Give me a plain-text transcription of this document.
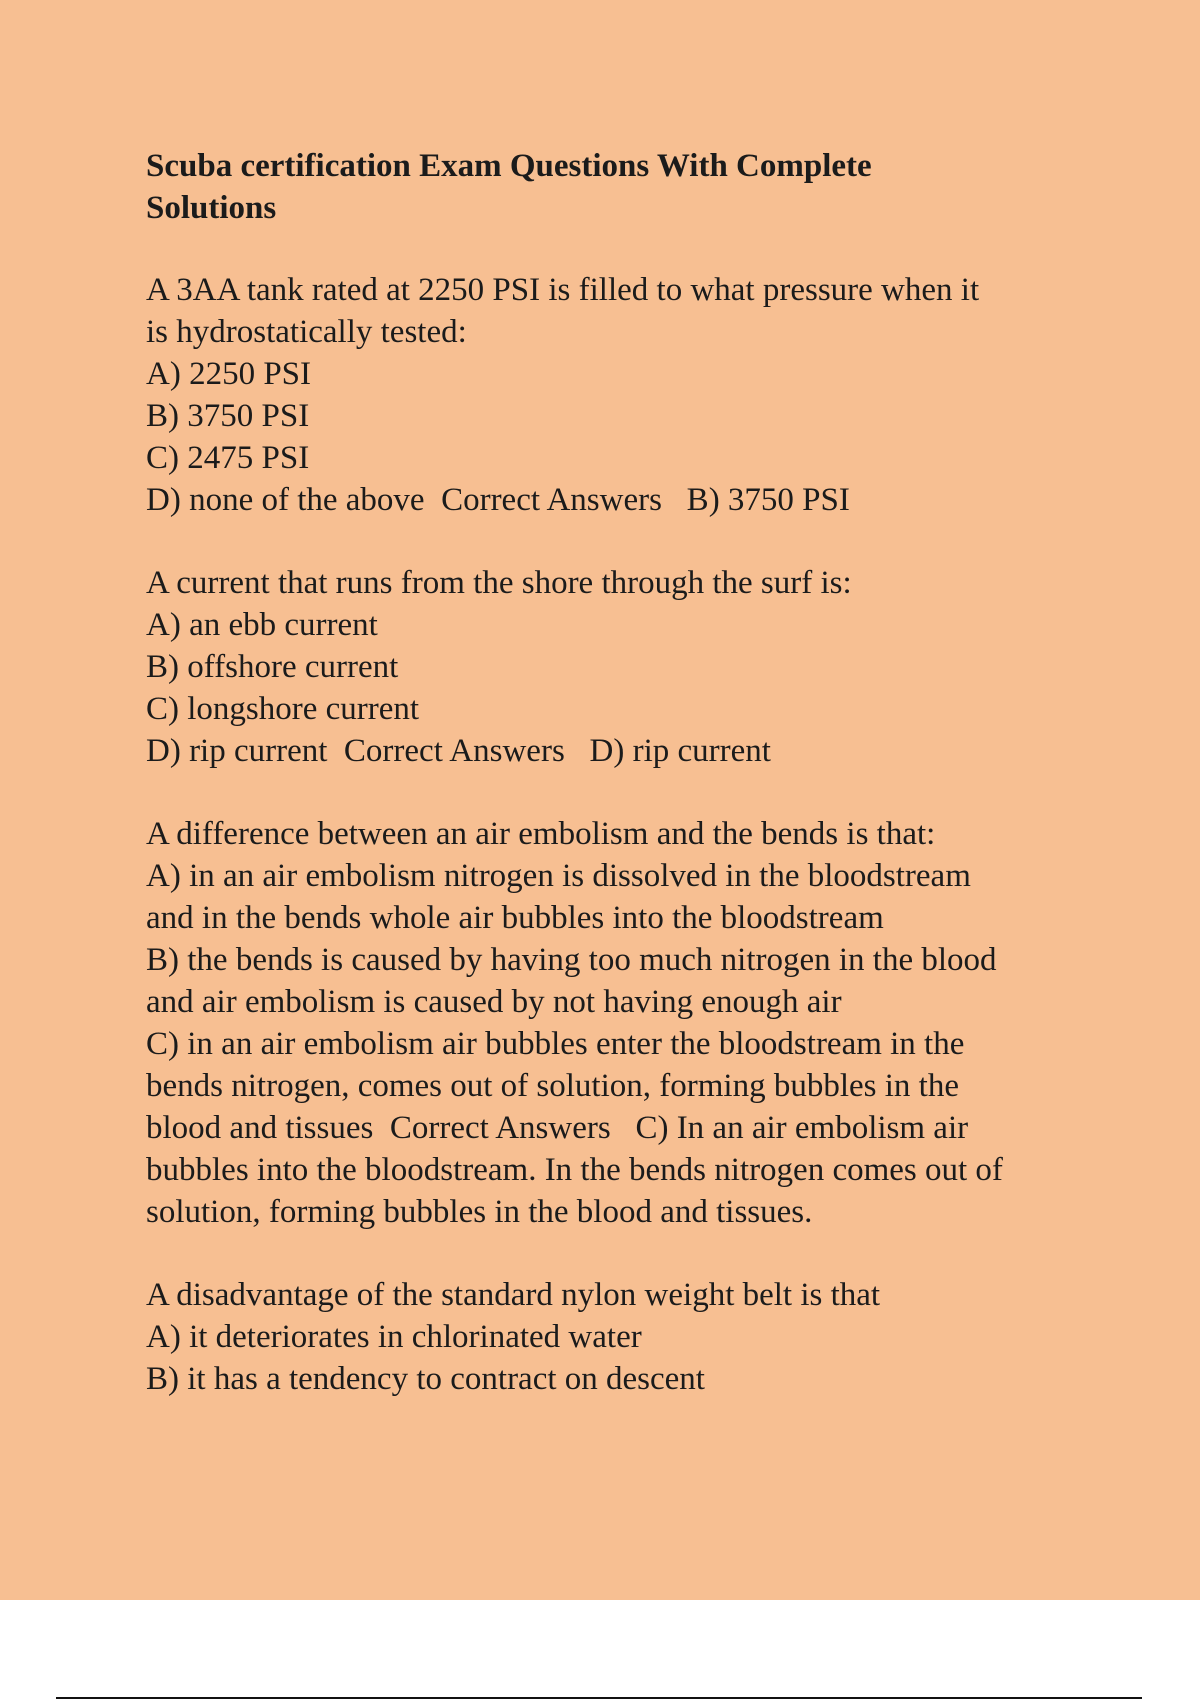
Scuba certification Exam Questions With Complete
Solutions
A 3AA tank rated at 2250 PSI is filled to what pressure when it
is hydrostatically tested:
A) 2250 PSI
B) 3750 PSI
C) 2475 PSI
D) none of the above  Correct Answers   B) 3750 PSI
A current that runs from the shore through the surf is:
A) an ebb current
B) offshore current
C) longshore current
D) rip current  Correct Answers   D) rip current
A difference between an air embolism and the bends is that:
A) in an air embolism nitrogen is dissolved in the bloodstream
and in the bends whole air bubbles into the bloodstream
B) the bends is caused by having too much nitrogen in the blood
and air embolism is caused by not having enough air
C) in an air embolism air bubbles enter the bloodstream in the
bends nitrogen, comes out of solution, forming bubbles in the
blood and tissues  Correct Answers   C) In an air embolism air
bubbles into the bloodstream. In the bends nitrogen comes out of
solution, forming bubbles in the blood and tissues.
A disadvantage of the standard nylon weight belt is that
A) it deteriorates in chlorinated water
B) it has a tendency to contract on descent
